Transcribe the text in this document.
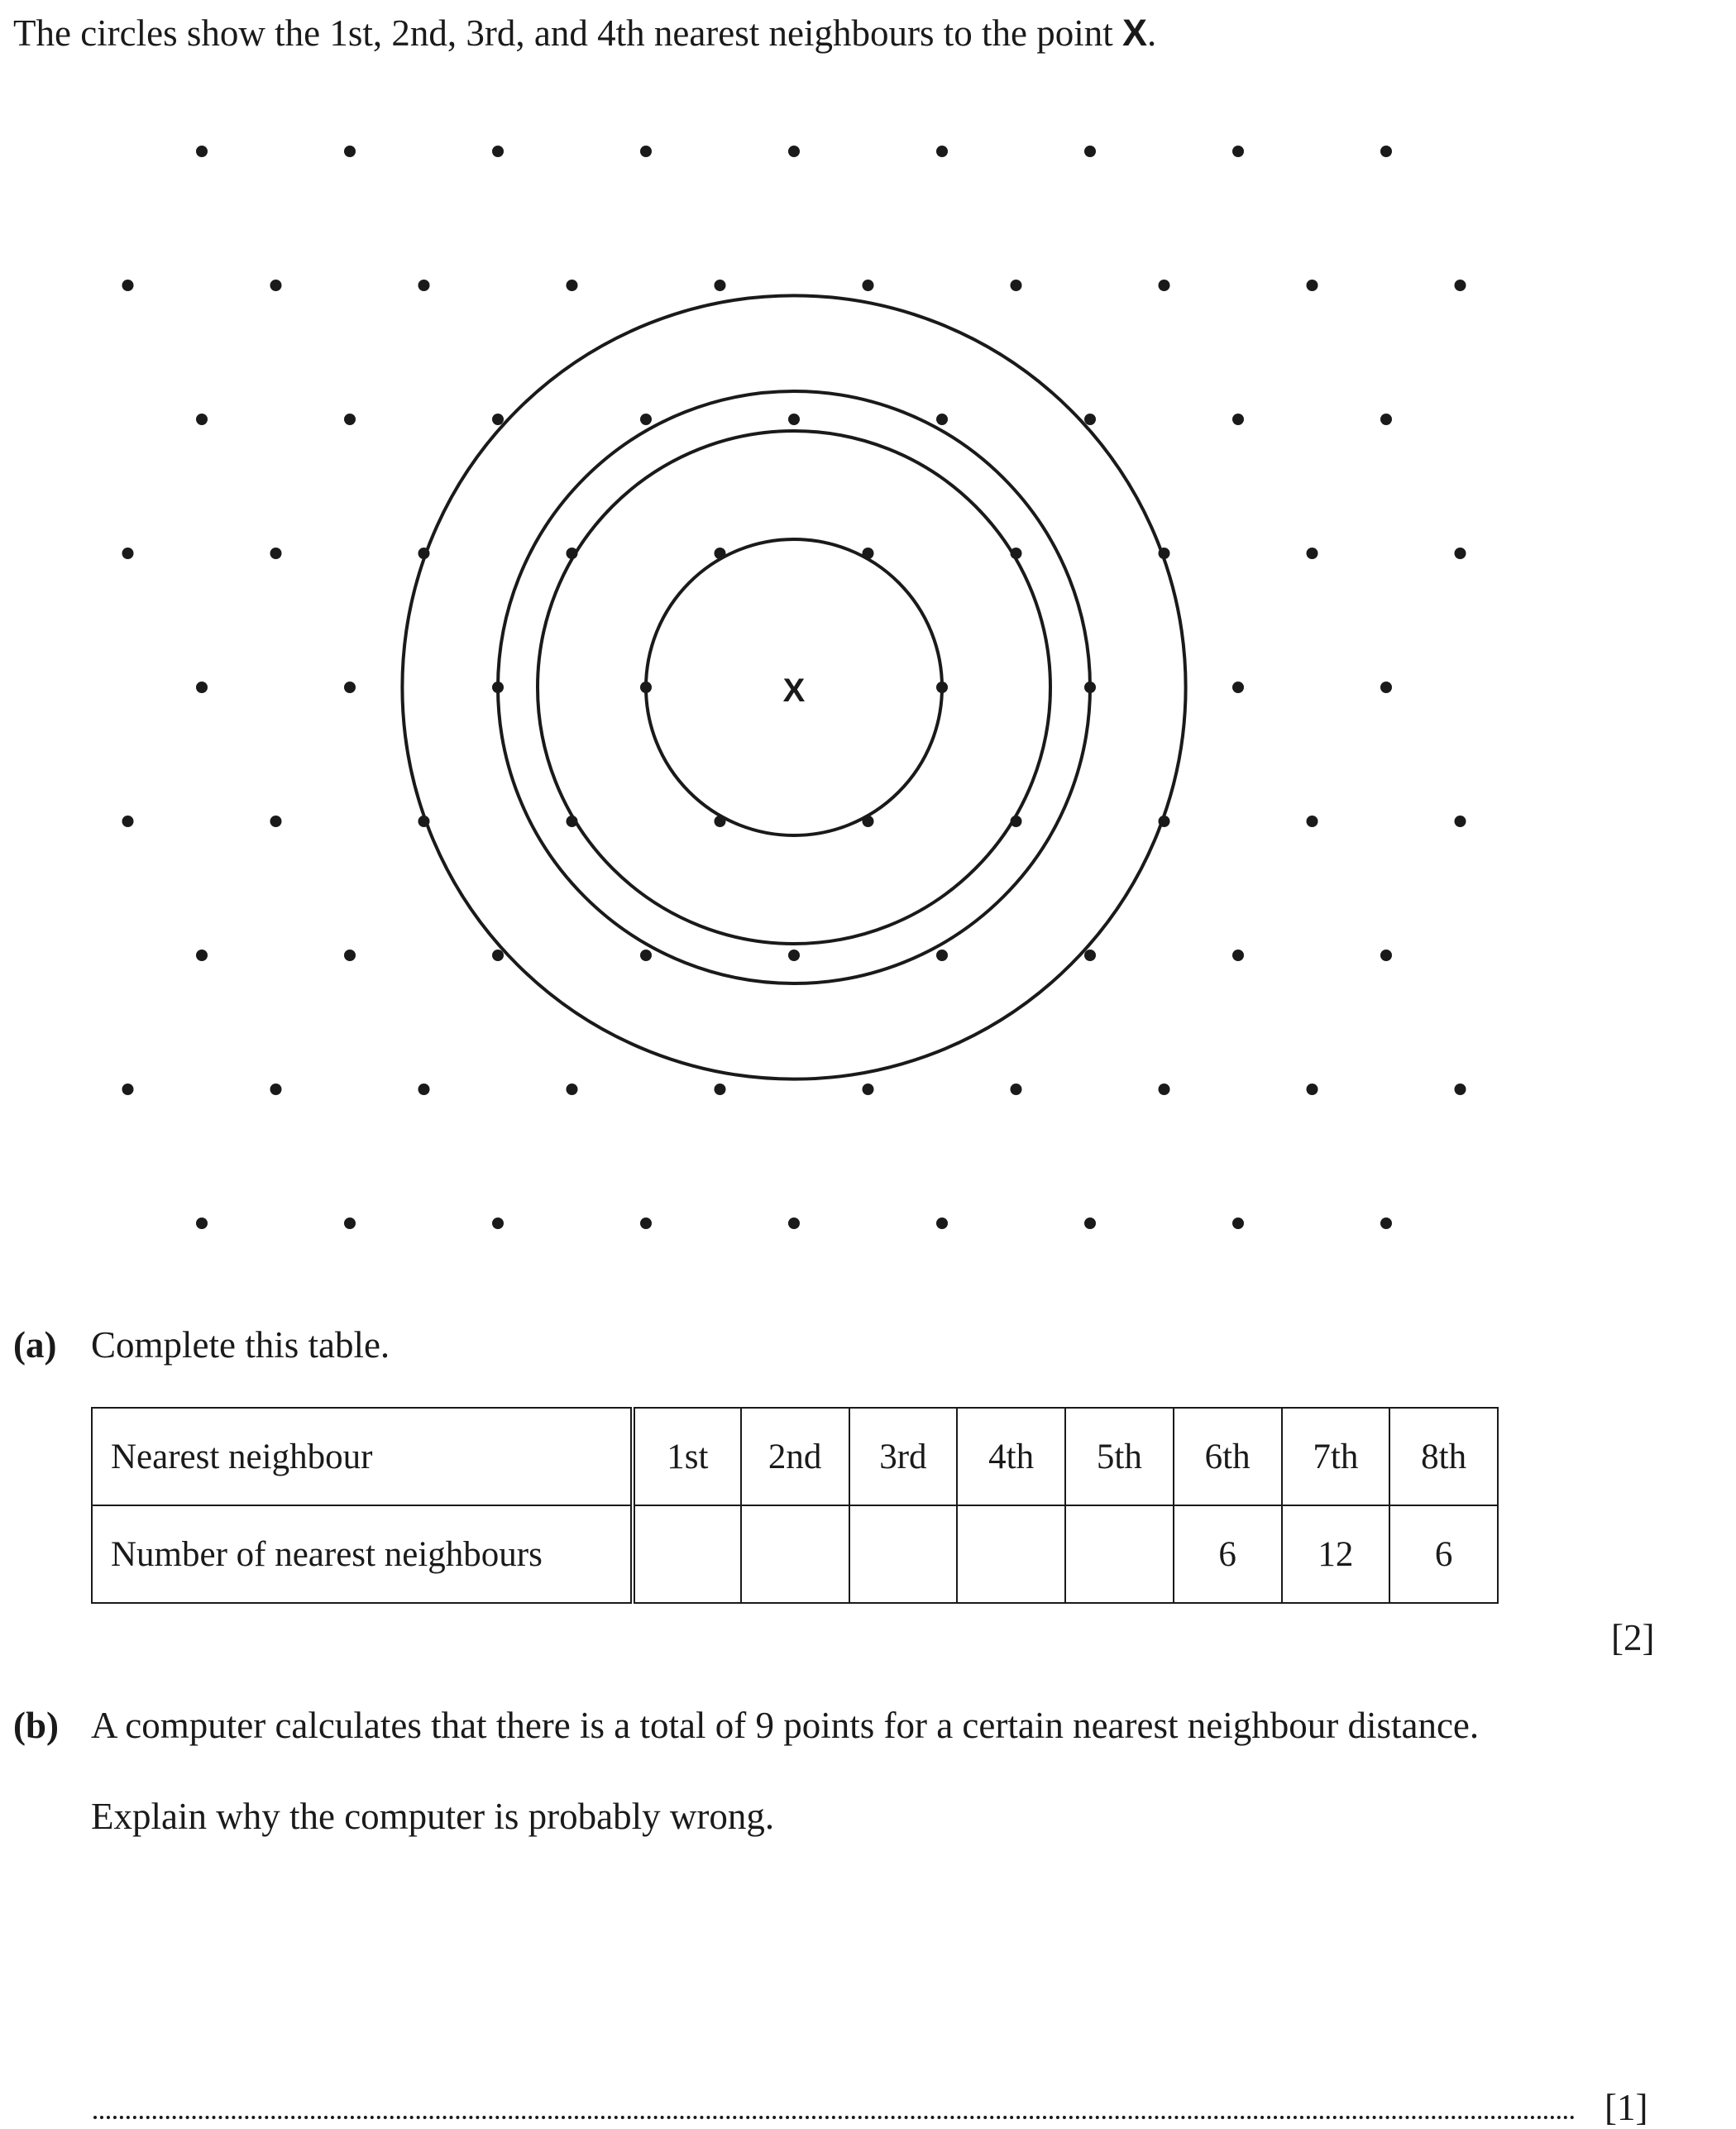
The circles show the 1st, 2nd, 3rd, and 4th nearest neighbours to the point X.
X
(a) Complete this table.
Nearest neighbour	1st	2nd	3rd	4th	5th	6th	7th	8th
Number of nearest neighbours						6	12	6
[2]
(b) A computer calculates that there is a total of 9 points for a certain nearest neighbour distance.
Explain why the computer is probably wrong.
[1]
